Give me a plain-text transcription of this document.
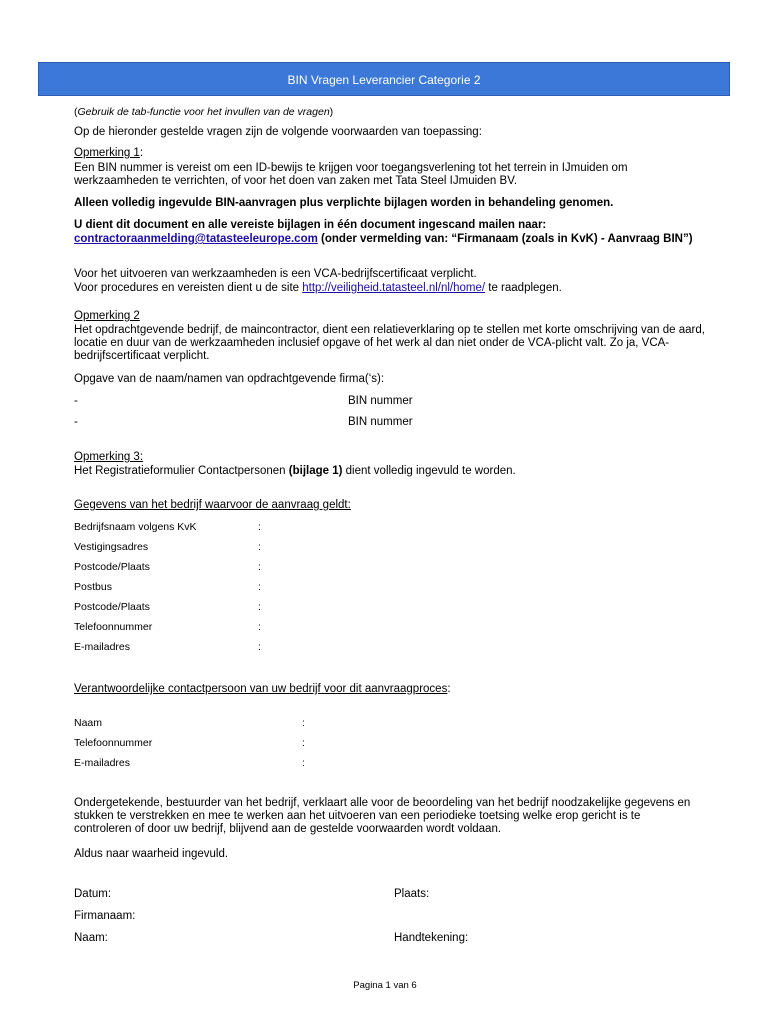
BIN Vragen Leverancier Categorie 2
(Gebruik de tab-functie voor het invullen van de vragen)
Op de hieronder gestelde vragen zijn de volgende voorwaarden van toepassing:
Opmerking 1:
Een BIN nummer is vereist om een ID-bewijs te krijgen voor toegangsverlening tot het terrein in IJmuiden om werkzaamheden te verrichten, of voor het doen van zaken met Tata Steel IJmuiden BV.
Alleen volledig ingevulde BIN-aanvragen plus verplichte bijlagen worden in behandeling genomen.
U dient dit document en alle vereiste bijlagen in één document ingescand mailen naar:
contractoraanmelding@tatasteeleurope.com (onder vermelding van: “Firmanaam (zoals in KvK) - Aanvraag BIN”)
Voor het uitvoeren van werkzaamheden is een VCA-bedrijfscertificaat verplicht.
Voor procedures en vereisten dient u de site http://veiligheid.tatasteel.nl/nl/home/ te raadplegen.
Opmerking 2
Het opdrachtgevende bedrijf, de maincontractor, dient een relatieverklaring op te stellen met korte omschrijving van de aard, locatie en duur van de werkzaamheden inclusief opgave of het werk al dan niet onder de VCA-plicht valt. Zo ja, VCA-bedrijfscertificaat verplicht.
Opgave van de naam/namen van opdrachtgevende firma(‘s):
-	BIN nummer
-	BIN nummer
Opmerking 3:
Het Registratieformulier Contactpersonen (bijlage 1) dient volledig ingevuld te worden.
Gegevens van het bedrijf waarvoor de aanvraag geldt:
Bedrijfsnaam volgens KvK	:
Vestigingsadres	:
Postcode/Plaats	:
Postbus	:
Postcode/Plaats	:
Telefoonnummer	:
E-mailadres	:
Verantwoordelijke contactpersoon van uw bedrijf voor dit aanvraagproces:
Naam	:
Telefoonnummer	:
E-mailadres	:
Ondergetekende, bestuurder van het bedrijf, verklaart alle voor de beoordeling van het bedrijf noodzakelijke gegevens en stukken te verstrekken en mee te werken aan het uitvoeren van een periodieke toetsing welke erop gericht is te controleren of door uw bedrijf, blijvend aan de gestelde voorwaarden wordt voldaan.
Aldus naar waarheid ingevuld.
Datum:	Plaats:
Firmanaam:
Naam:	Handtekening:
Pagina 1 van 6
